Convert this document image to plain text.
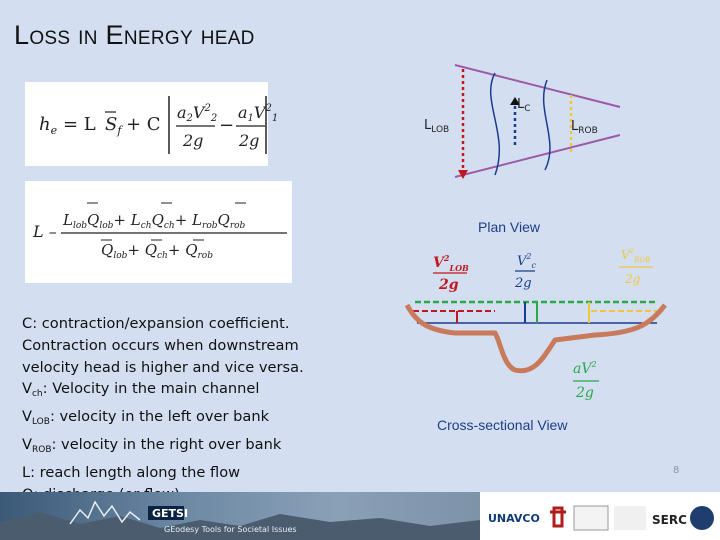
Loss in Energy head
$h_e = L$ $S_f + C$
$a2V^2_2$
2g
−
$a1V^2_1$
2g
L –
$L_{lob}Q_{lob}+ L_{ch}Q_{ch}+ L_{rob}Q_{rob}$
$Q_{lob}+ Q_{ch}+ Q_{rob}$
C: contraction/expansion coefficient.
Contraction occurs when downstream
velocity head is higher and vice versa.
$V_{ch}$: Velocity in the main channel
$V_{LOB}$: velocity in the left over bank
$V_{ROB}$: velocity in the right over bank
L: reach length along the flow
$L_{LOB}$
$L_C$
$L_{ROB}$
Plan View
$V^2_{LOB}$
2g
$V^2_c$
2g
$V^2_{ROB}$
2g
$aV^2$
2g
Cross-sectional View
8
GETSI
GEodesy Tools for Societal Issues
UNAVCO	SERC
